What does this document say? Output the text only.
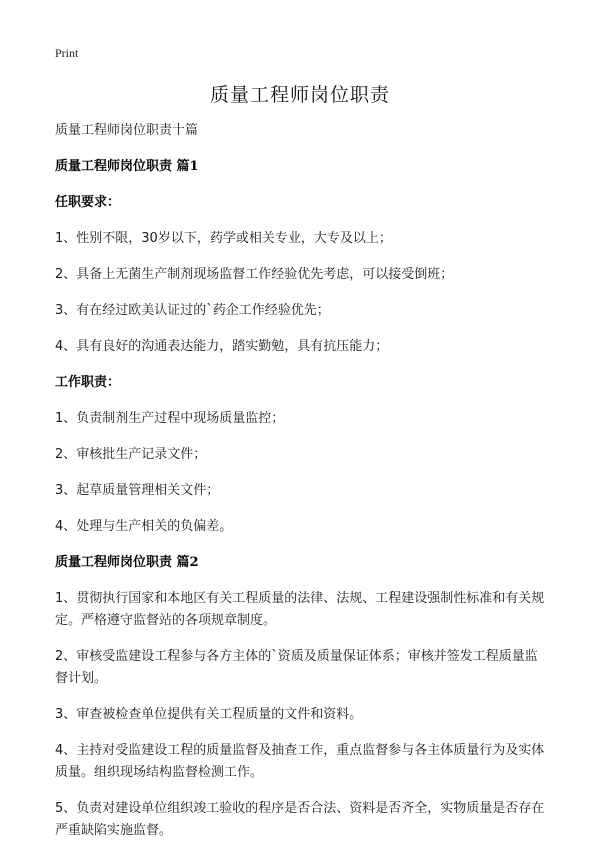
Print
质量工程师岗位职责
质量工程师岗位职责十篇
质量工程师岗位职责 篇1
任职要求：
1、性别不限，30岁以下，药学或相关专业，大专及以上；
2、具备上无菌生产制剂现场监督工作经验优先考虑，可以接受倒班；
3、有在经过欧美认证过的`药企工作经验优先；
4、具有良好的沟通表达能力，踏实勤勉，具有抗压能力；
工作职责：
1、负责制剂生产过程中现场质量监控；
2、审核批生产记录文件；
3、起草质量管理相关文件；
4、处理与生产相关的负偏差。
质量工程师岗位职责 篇2
1、贯彻执行国家和本地区有关工程质量的法律、法规、工程建设强制性标准和有关规定。严格遵守监督站的各项规章制度。
2、审核受监建设工程参与各方主体的`资质及质量保证体系；审核并签发工程质量监督计划。
3、审查被检查单位提供有关工程质量的文件和资料。
4、主持对受监建设工程的质量监督及抽查工作，重点监督参与各主体质量行为及实体质量。组织现场结构监督检测工作。
5、负责对建设单位组织竣工验收的程序是否合法、资料是否齐全，实物质量是否存在严重缺陷实施监督。
